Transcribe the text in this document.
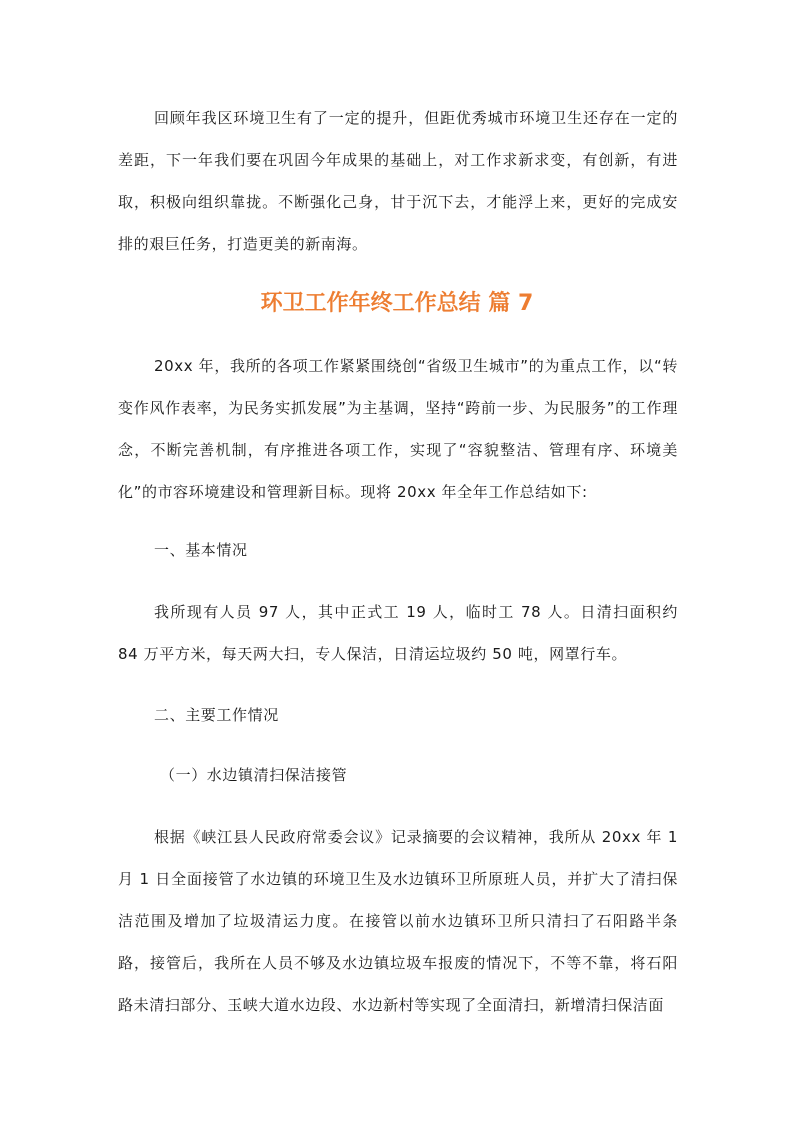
回顾年我区环境卫生有了一定的提升，但距优秀城市环境卫生还存在一定的差距，下一年我们要在巩固今年成果的基础上，对工作求新求变，有创新，有进取，积极向组织靠拢。不断强化己身，甘于沉下去，才能浮上来，更好的完成安排的艰巨任务，打造更美的新南海。

环卫工作年终工作总结 篇 7

20xx 年，我所的各项工作紧紧围绕创“省级卫生城市”的为重点工作，以“转变作风作表率，为民务实抓发展”为主基调，坚持“跨前一步、为民服务”的工作理念，不断完善机制，有序推进各项工作，实现了“容貌整洁、管理有序、环境美化”的市容环境建设和管理新目标。现将 20xx 年全年工作总结如下:

一、基本情况

我所现有人员 97 人，其中正式工 19 人，临时工 78 人。日清扫面积约 84 万平方米，每天两大扫，专人保洁，日清运垃圾约 50 吨，网罩行车。

二、主要工作情况

（一）水边镇清扫保洁接管

根据《峡江县人民政府常委会议》记录摘要的会议精神，我所从 20xx 年 1 月 1 日全面接管了水边镇的环境卫生及水边镇环卫所原班人员，并扩大了清扫保洁范围及增加了垃圾清运力度。在接管以前水边镇环卫所只清扫了石阳路半条路，接管后，我所在人员不够及水边镇垃圾车报废的情况下，不等不靠，将石阳路未清扫部分、玉峡大道水边段、水边新村等实现了全面清扫，新增清扫保洁面
